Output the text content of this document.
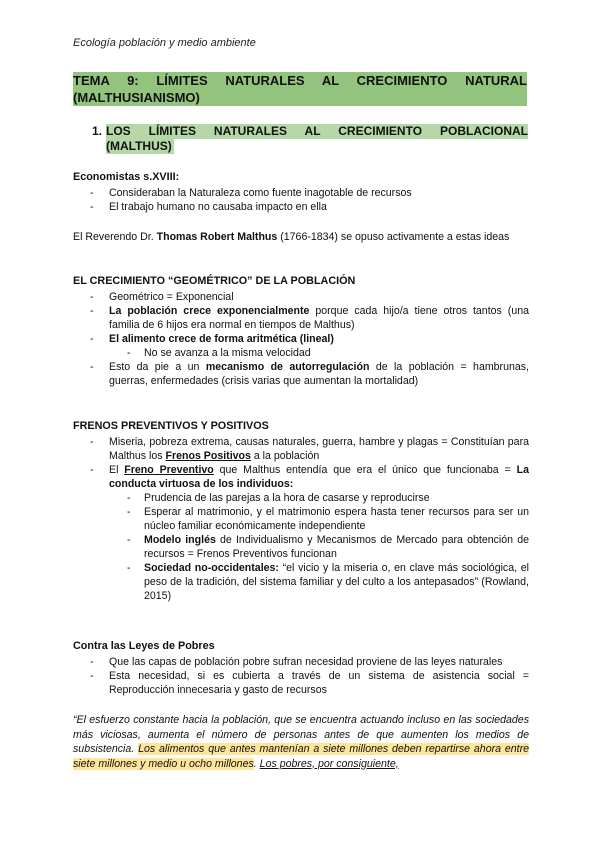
Ecología población y medio ambiente
TEMA 9: LÍMITES NATURALES AL CRECIMIENTO NATURAL
(MALTHUSIANISMO)
1. LOS LÍMITES NATURALES AL CRECIMIENTO POBLACIONAL
(MALTHUS)
Economistas s.XVIII:
- Consideraban la Naturaleza como fuente inagotable de recursos
- El trabajo humano no causaba impacto en ella
El Reverendo Dr. Thomas Robert Malthus (1766-1834) se opuso activamente a estas ideas
EL CRECIMIENTO “GEOMÉTRICO” DE LA POBLACIÓN
- Geométrico = Exponencial
- La población crece exponencialmente porque cada hijo/a tiene otros tantos (una familia de 6 hijos era normal en tiempos de Malthus)
- El alimento crece de forma aritmética (lineal)
- No se avanza a la misma velocidad
- Esto da pie a un mecanismo de autorregulación de la población = hambrunas, guerras, enfermedades (crisis varias que aumentan la mortalidad)
FRENOS PREVENTIVOS Y POSITIVOS
- Miseria, pobreza extrema, causas naturales, guerra, hambre y plagas = Constituían para Malthus los Frenos Positivos a la población
- El Freno Preventivo que Malthus entendía que era el único que funcionaba = La conducta virtuosa de los individuos:
- Prudencia de las parejas a la hora de casarse y reproducirse
- Esperar al matrimonio, y el matrimonio espera hasta tener recursos para ser un núcleo familiar económicamente independiente
- Modelo inglés de Individualismo y Mecanismos de Mercado para obtención de recursos = Frenos Preventivos funcionan
- Sociedad no-occidentales: “el vicio y la miseria o, en clave más sociológica, el peso de la tradición, del sistema familiar y del culto a los antepasados” (Rowland, 2015)
Contra las Leyes de Pobres
- Que las capas de población pobre sufran necesidad proviene de las leyes naturales
- Esta necesidad, si es cubierta a través de un sistema de asistencia social = Reproducción innecesaria y gasto de recursos
“El esfuerzo constante hacia la población, que se encuentra actuando incluso en las sociedades más viciosas, aumenta el número de personas antes de que aumenten los medios de subsistencia. Los alimentos que antes mantenían a siete millones deben repartirse ahora entre siete millones y medio u ocho millones. Los pobres, por consiguiente,
